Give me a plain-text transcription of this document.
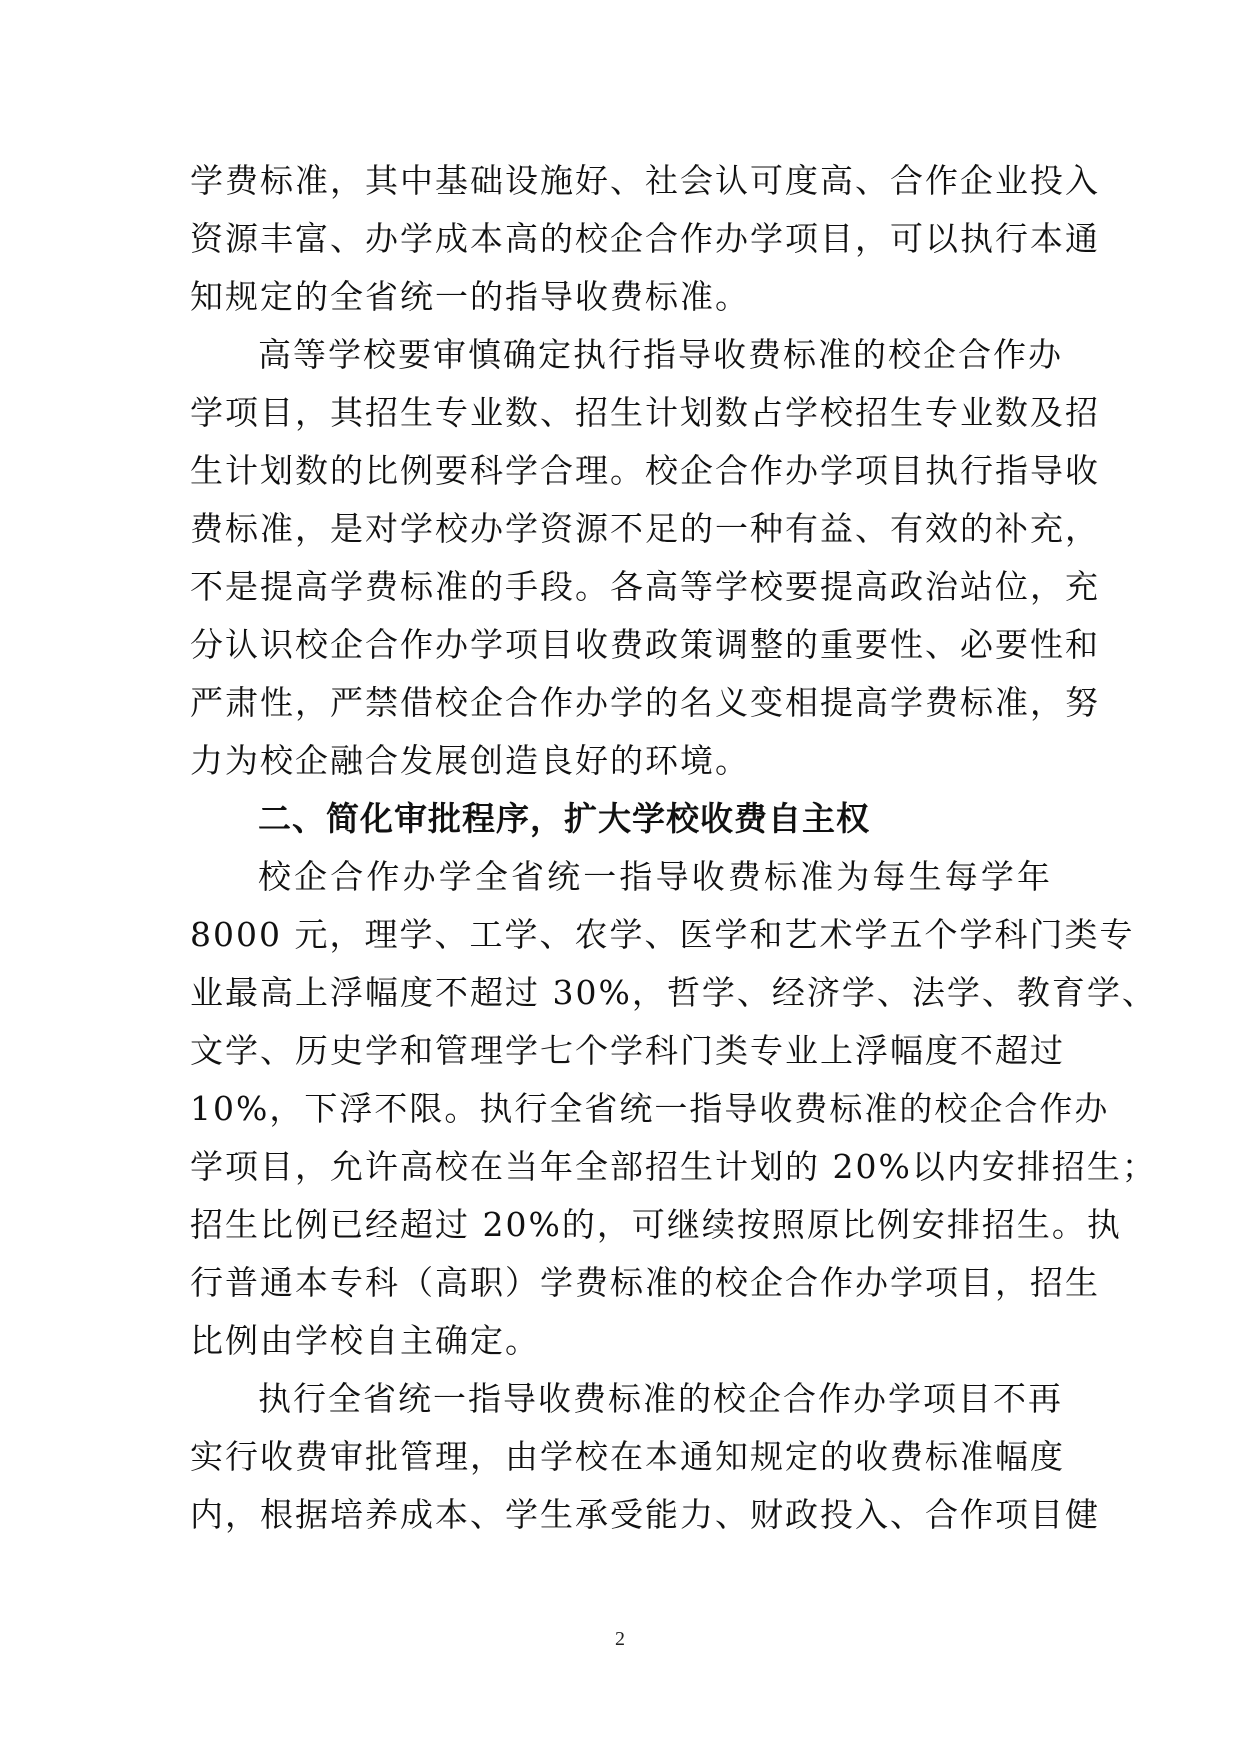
学费标准，其中基础设施好、社会认可度高、合作企业投入
资源丰富、办学成本高的校企合作办学项目，可以执行本通
知规定的全省统一的指导收费标准。
高等学校要审慎确定执行指导收费标准的校企合作办
学项目，其招生专业数、招生计划数占学校招生专业数及招
生计划数的比例要科学合理。校企合作办学项目执行指导收
费标准，是对学校办学资源不足的一种有益、有效的补充，
不是提高学费标准的手段。各高等学校要提高政治站位，充
分认识校企合作办学项目收费政策调整的重要性、必要性和
严肃性，严禁借校企合作办学的名义变相提高学费标准，努
力为校企融合发展创造良好的环境。
二、简化审批程序，扩大学校收费自主权
校企合作办学全省统一指导收费标准为每生每学年
8000 元，理学、工学、农学、医学和艺术学五个学科门类专
业最高上浮幅度不超过 30%，哲学、经济学、法学、教育学、
文学、历史学和管理学七个学科门类专业上浮幅度不超过
10%，下浮不限。执行全省统一指导收费标准的校企合作办
学项目，允许高校在当年全部招生计划的 20%以内安排招生；
招生比例已经超过 20%的，可继续按照原比例安排招生。执
行普通本专科（高职）学费标准的校企合作办学项目，招生
比例由学校自主确定。
执行全省统一指导收费标准的校企合作办学项目不再
实行收费审批管理，由学校在本通知规定的收费标准幅度
内，根据培养成本、学生承受能力、财政投入、合作项目健
2
